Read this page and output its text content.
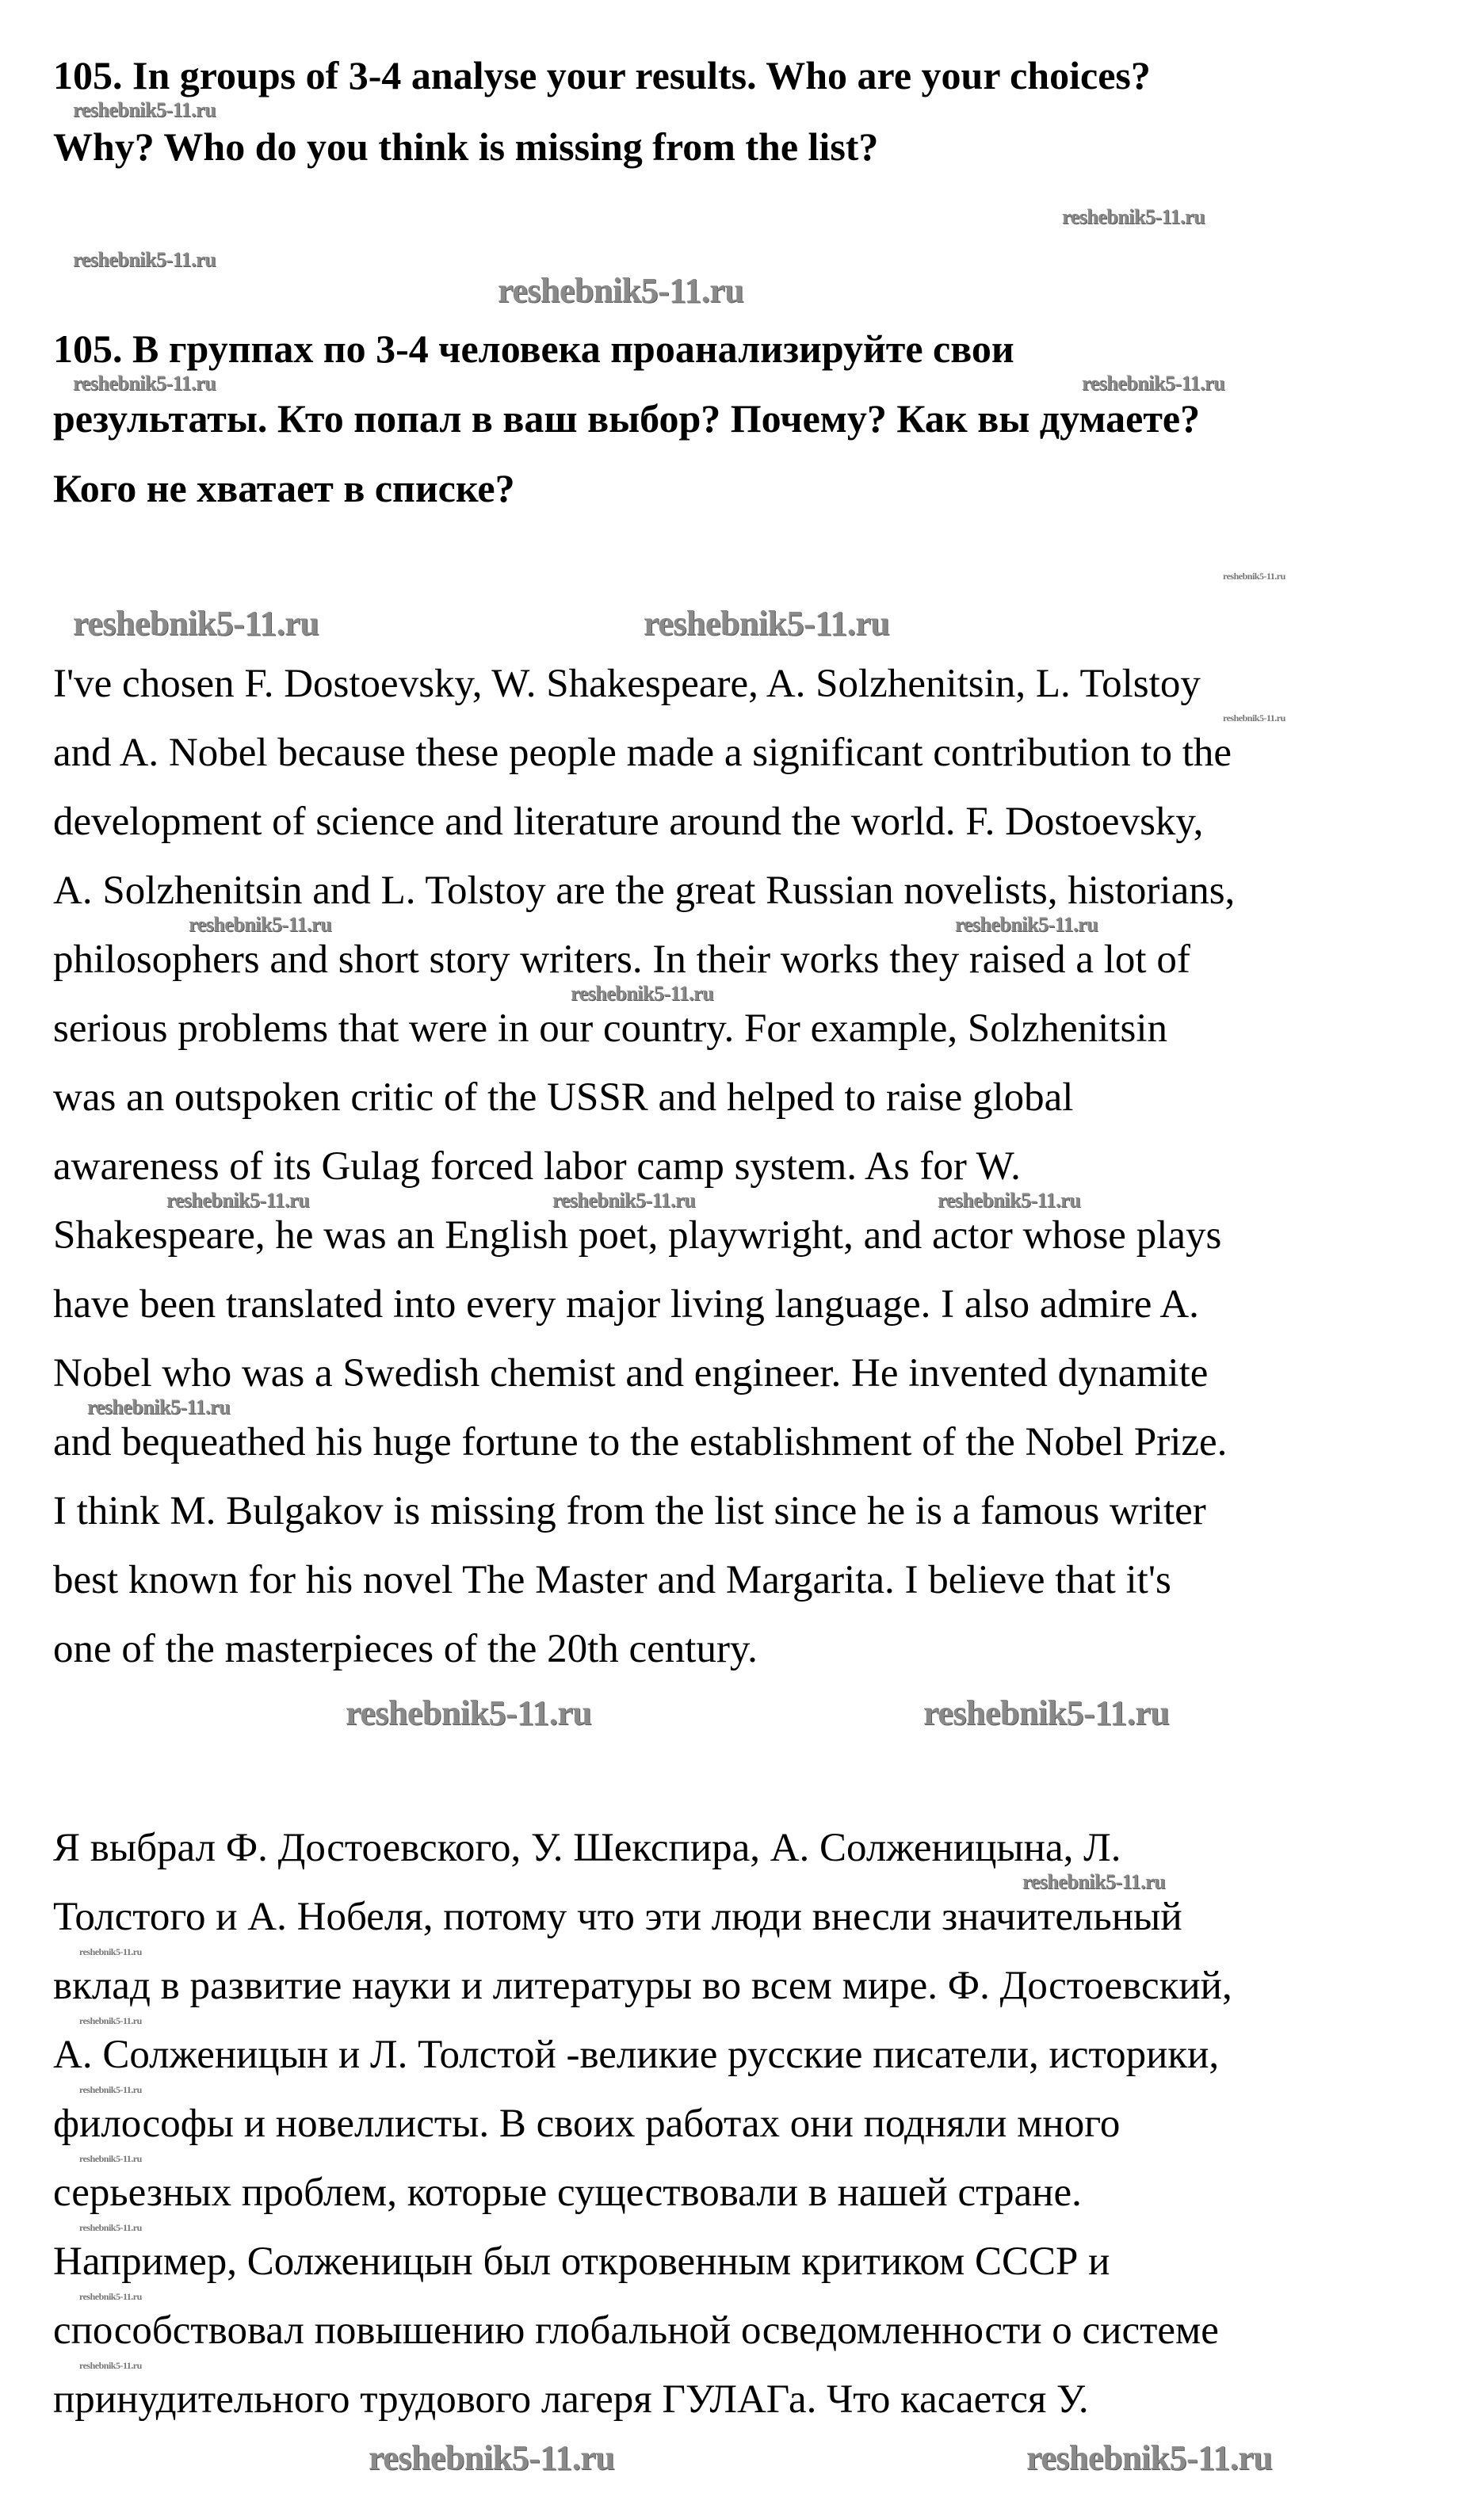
reshebnik5-11.ru
reshebnik5-11.ru
reshebnik5-11.ru
reshebnik5-11.ru
reshebnik5-11.ru	reshebnik5-11.ru
reshebnik5-11.ru
reshebnik5-11.ru	reshebnik5-11.ru
reshebnik5-11.ru
reshebnik5-11.ru	reshebnik5-11.ru
reshebnik5-11.ru
reshebnik5-11.ru	reshebnik5-11.ru	reshebnik5-11.ru
reshebnik5-11.ru
reshebnik5-11.ru
reshebnik5-11.ru
reshebnik5-11.ru
reshebnik5-11.ru
reshebnik5-11.ru
reshebnik5-11.ru
reshebnik5-11.ru
reshebnik5-11.ru
reshebnik5-11.ru
reshebnik5-11.ru
reshebnik5-11.ru
reshebnik5-11.ru
105. In groups of 3-4 analyse your results. Who are your choices?
Why? Who do you think is missing from the list?
105. В группах по 3-4 человека проанализируйте свои
результаты. Кто попал в ваш выбор? Почему? Как вы думаете?
Кого не хватает в списке?
I've chosen F. Dostoevsky, W. Shakespeare, A. Solzhenitsin, L. Tolstoy
and A. Nobel because these people made a significant contribution to the
development of science and literature around the world. F. Dostoevsky,
A. Solzhenitsin and L. Tolstoy are the great Russian novelists, historians,
philosophers and short story writers. In their works they raised a lot of
serious problems that were in our country. For example, Solzhenitsin
was an outspoken critic of the USSR and helped to raise global
awareness of its Gulag forced labor camp system. As for W.
Shakespeare, he was an English poet, playwright, and actor whose plays
have been translated into every major living language. I also admire A.
Nobel who was a Swedish chemist and engineer. He invented dynamite
and bequeathed his huge fortune to the establishment of the Nobel Prize.
I think M. Bulgakov is missing from the list since he is a famous writer
best known for his novel The Master and Margarita. I believe that it's
one of the masterpieces of the 20th century.
Я выбрал Ф. Достоевского, У. Шекспира, А. Солженицына, Л.
Толстого и А. Нобеля, потому что эти люди внесли значительный
вклад в развитие науки и литературы во всем мире. Ф. Достоевский,
А. Солженицын и Л. Толстой -великие русские писатели, историки,
философы и новеллисты. В своих работах они подняли много
серьезных проблем, которые существовали в нашей стране.
Например, Солженицын был откровенным критиком СССР и
способствовал повышению глобальной осведомленности о системе
принудительного трудового лагеря ГУЛАГа. Что касается У.
